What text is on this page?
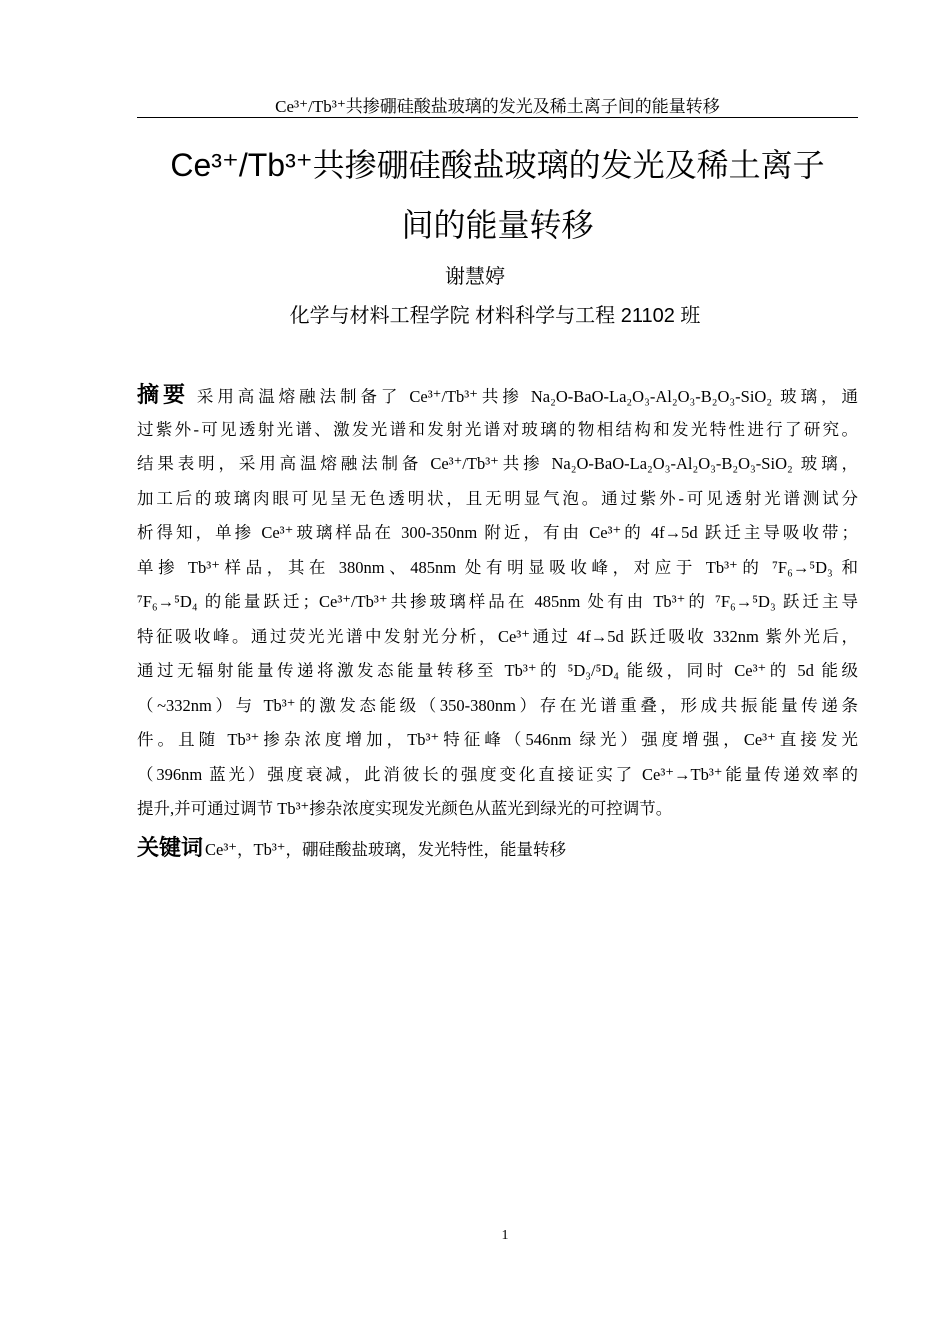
Ce³⁺/Tb³⁺共掺硼硅酸盐玻璃的发光及稀土离子间的能量转移
Ce³⁺/Tb³⁺共掺硼硅酸盐玻璃的发光及稀土离子
间的能量转移
谢慧婷
化学与材料工程学院 材料科学与工程 21102 班
摘要 采用高温熔融法制备了 Ce³⁺/Tb³⁺共掺 Na₂O-BaO-La₂O₃-Al₂O₃-B₂O₃-SiO₂ 玻璃，通
过紫外-可见透射光谱、激发光谱和发射光谱对玻璃的物相结构和发光特性进行了研究。
结果表明，采用高温熔融法制备 Ce³⁺/Tb³⁺共掺 Na₂O-BaO-La₂O₃-Al₂O₃-B₂O₃-SiO₂ 玻璃，
加工后的玻璃肉眼可见呈无色透明状，且无明显气泡。通过紫外-可见透射光谱测试分
析得知，单掺 Ce³⁺玻璃样品在 300-350nm 附近，有由 Ce³⁺的 4f→5d 跃迁主导吸收带；
单掺 Tb³⁺样品，其在 380nm、485nm 处有明显吸收峰，对应于 Tb³⁺的 ⁷F₆→⁵D₃ 和
⁷F₆→⁵D₄ 的能量跃迁；Ce³⁺/Tb³⁺共掺玻璃样品在 485nm 处有由 Tb³⁺的 ⁷F₆→⁵D₃ 跃迁主导
特征吸收峰。通过荧光光谱中发射光分析，Ce³⁺通过 4f→5d 跃迁吸收 332nm 紫外光后，
通过无辐射能量传递将激发态能量转移至 Tb³⁺的 ⁵D₃/⁵D₄ 能级，同时 Ce³⁺的 5d 能级
（~332nm）与 Tb³⁺的激发态能级（350-380nm）存在光谱重叠，形成共振能量传递条
件。且随 Tb³⁺掺杂浓度增加，Tb³⁺特征峰（546nm 绿光）强度增强，Ce³⁺直接发光
（396nm 蓝光）强度衰减，此消彼长的强度变化直接证实了 Ce³⁺→Tb³⁺能量传递效率的
提升,并可通过调节 Tb³⁺掺杂浓度实现发光颜色从蓝光到绿光的可控调节。
关键词 Ce³⁺，Tb³⁺，硼硅酸盐玻璃，发光特性，能量转移
1
